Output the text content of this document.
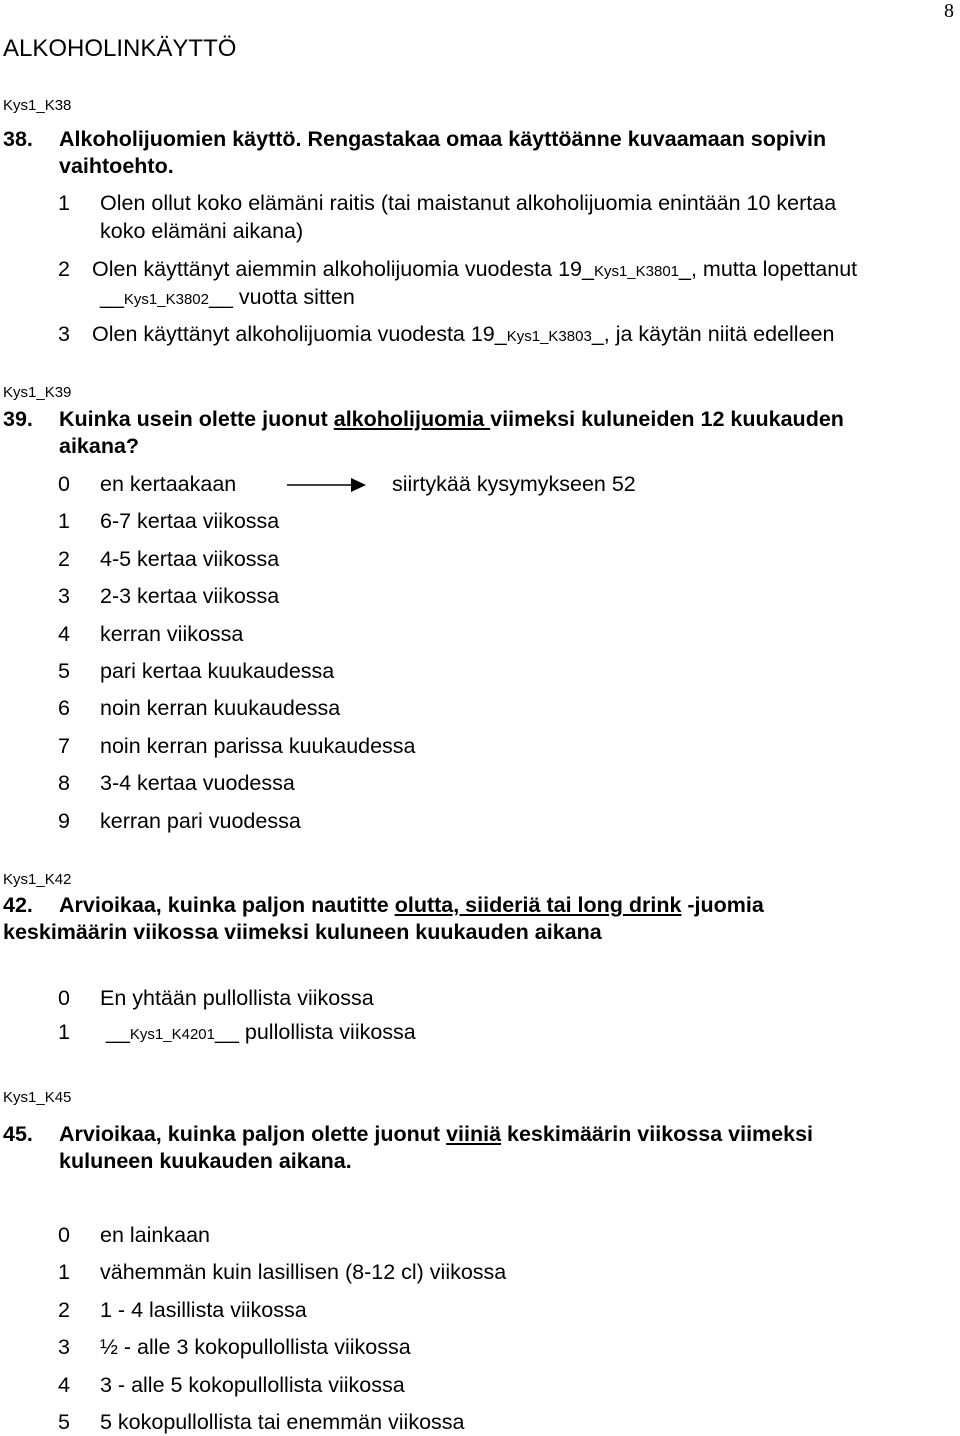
8
ALKOHOLINKÄYTTÖ
Kys1_K38
38. Alkoholijuomien käyttö. Rengastakaa omaa käyttöänne kuvaamaan sopivin
vaihtoehto.
1 Olen ollut koko elämäni raitis (tai maistanut alkoholijuomia enintään 10 kertaa
koko elämäni aikana)
2 Olen käyttänyt aiemmin alkoholijuomia vuodesta 19_Kys1_K3801_, mutta lopettanut
__Kys1_K3802__ vuotta sitten
3 Olen käyttänyt alkoholijuomia vuodesta 19_Kys1_K3803_, ja käytän niitä edelleen
Kys1_K39
39. Kuinka usein olette juonut alkoholijuomia viimeksi kuluneiden 12 kuukauden
aikana?
0 en kertaakaan
1 6-7 kertaa viikossa
2 4-5 kertaa viikossa
3 2-3 kertaa viikossa
4 kerran viikossa
5 pari kertaa kuukaudessa
6 noin kerran kuukaudessa
7 noin kerran parissa kuukaudessa
8 3-4 kertaa vuodessa
9 kerran pari vuodessa
siirtykää kysymykseen 52
Kys1_K42
42. Arvioikaa, kuinka paljon nautitte olutta, siideriä tai long drink -juomia
keskimäärin viikossa viimeksi kuluneen kuukauden aikana
0 En yhtään pullollista viikossa
1 __Kys1_K4201__ pullollista viikossa
Kys1_K45
45. Arvioikaa, kuinka paljon olette juonut viiniä keskimäärin viikossa viimeksi
kuluneen kuukauden aikana.
0 en lainkaan
1 vähemmän kuin lasillisen (8-12 cl) viikossa
2 1 - 4 lasillista viikossa
3 ½ - alle 3 kokopullollista viikossa
4 3 - alle 5 kokopullollista viikossa
5 5 kokopullollista tai enemmän viikossa
